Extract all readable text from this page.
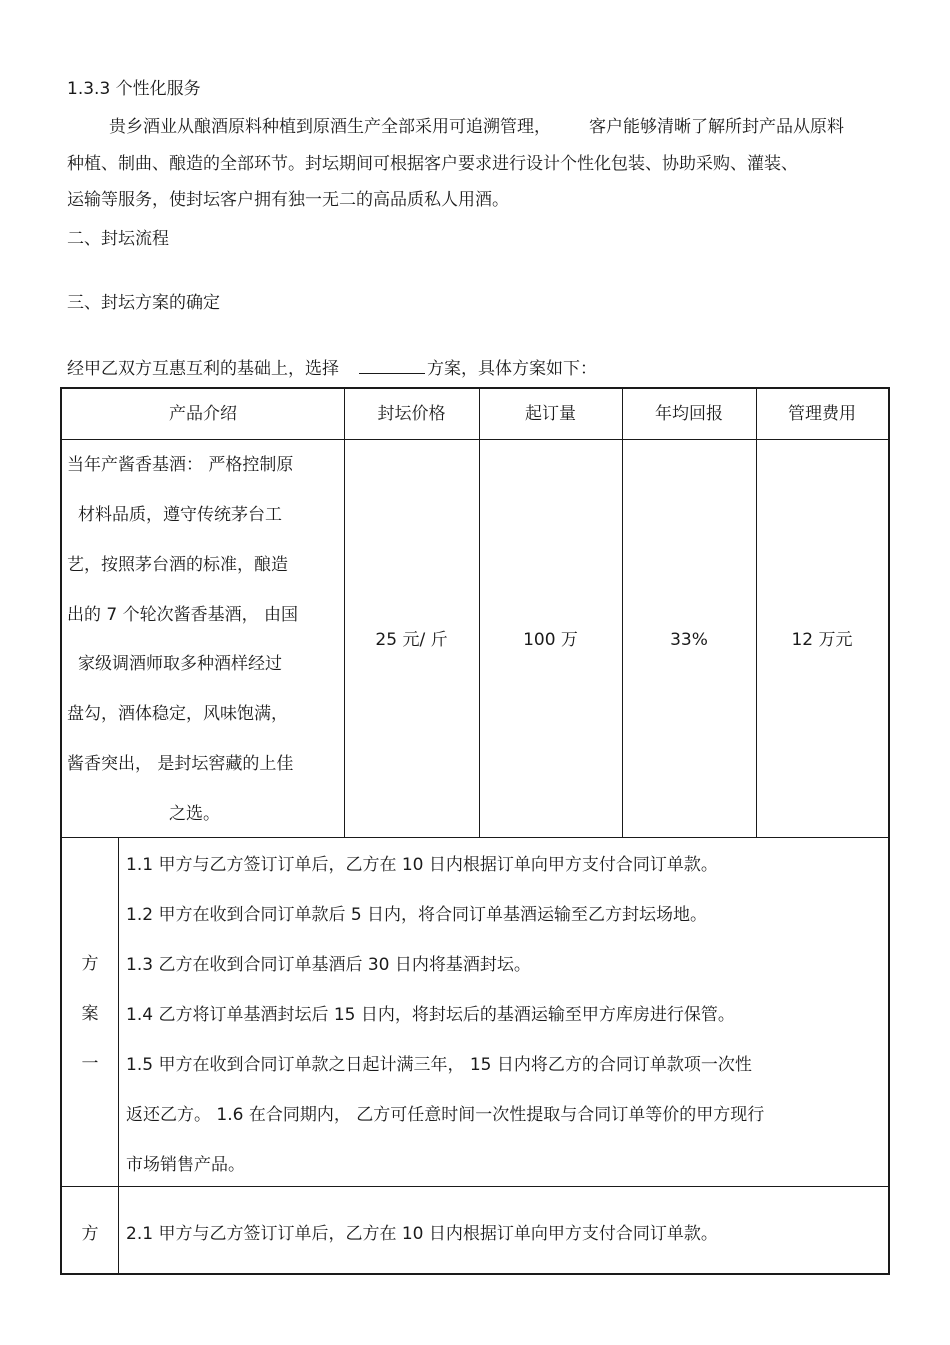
1.3.3 个性化服务
贵乡酒业从酿酒原料种植到原酒生产全部采用可追溯管理， 客户能够清晰了解所封产品从原料
种植、制曲、酿造的全部环节。封坛期间可根据客户要求进行设计个性化包装、协助采购、灌装、
运输等服务，使封坛客户拥有独一无二的高品质私人用酒。
二、封坛流程
三、封坛方案的确定
经甲乙双方互惠互利的基础上，选择	方案，具体方案如下：
产品介绍	封坛价格	起订量	年均回报	管理费用
当年产酱香基酒： 严格控制原
材料品质，遵守传统茅台工
艺，按照茅台酒的标准，酿造
出的 7 个轮次酱香基酒， 由国
家级调酒师取多种酒样经过
盘勾，酒体稳定，风味饱满，
酱香突出， 是封坛窖藏的上佳
之选。
25 元/ 斤	100 万	33%	12 万元
方
案
一
1.1 甲方与乙方签订订单后，乙方在 10 日内根据订单向甲方支付合同订单款。
1.2 甲方在收到合同订单款后 5 日内，将合同订单基酒运输至乙方封坛场地。
1.3 乙方在收到合同订单基酒后 30 日内将基酒封坛。
1.4 乙方将订单基酒封坛后 15 日内，将封坛后的基酒运输至甲方库房进行保管。
1.5 甲方在收到合同订单款之日起计满三年， 15 日内将乙方的合同订单款项一次性
返还乙方。 1.6 在合同期内， 乙方可任意时间一次性提取与合同订单等价的甲方现行
市场销售产品。
方	2.1 甲方与乙方签订订单后，乙方在 10 日内根据订单向甲方支付合同订单款。
